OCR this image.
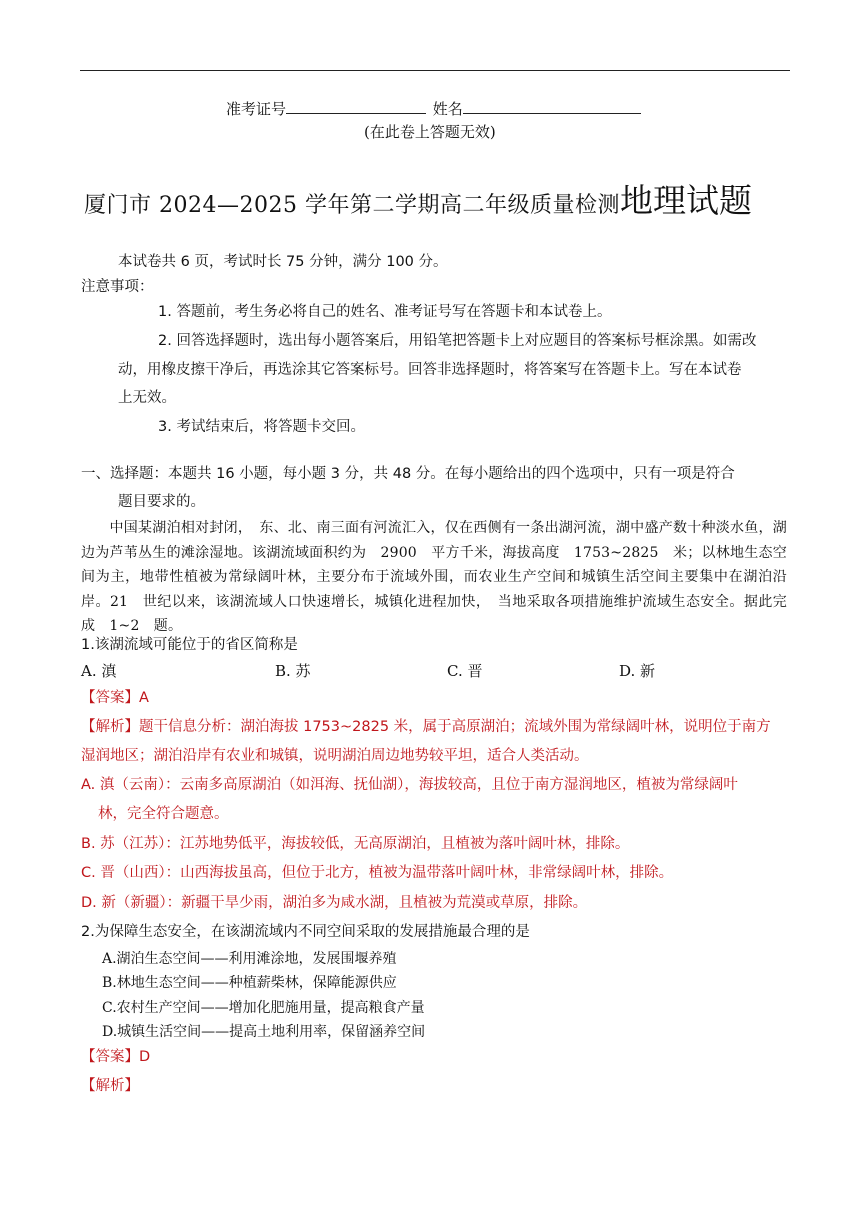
准考证号	姓名
(在此卷上答题无效)
厦门市 2024—2025 学年第二学期高二年级质量检测地理试题
本试卷共 6 页，考试时长 75 分钟，满分 100 分。
注意事项：
1. 答题前，考生务必将自己的姓名、准考证号写在答题卡和本试卷上。
2. 回答选择题时，选出每小题答案后，用铅笔把答题卡上对应题目的答案标号框涂黑。如需改
动，用橡皮擦干净后，再选涂其它答案标号。回答非选择题时，将答案写在答题卡上。写在本试卷
上无效。
3. 考试结束后，将答题卡交回。
一、选择题：本题共 16 小题，每小题 3 分，共 48 分。在每小题给出的四个选项中，只有一项是符合
题目要求的。
　　中国某湖泊相对封闭，　东、北、南三面有河流汇入，仅在西侧有一条出湖河流，湖中盛产数十种淡水鱼，湖边为芦苇丛生的滩涂湿地。该湖流域面积约为　2900　平方千米，海拔高度　1753~2825　米；以林地生态空间为主，地带性植被为常绿阔叶林，主要分布于流域外围，而农业生产空间和城镇生活空间主要集中在湖泊沿岸。21　世纪以来，该湖流域人口快速增长，城镇化进程加快，　当地采取各项措施维护流域生态安全。据此完成　1~2　题。
1.该湖流域可能位于的省区简称是
A. 滇	B. 苏	C. 晋	D. 新
【答案】A
【解析】题干信息分析：湖泊海拔 1753~2825 米，属于高原湖泊；流域外围为常绿阔叶林，说明位于南方
湿润地区；湖泊沿岸有农业和城镇，说明湖泊周边地势较平坦，适合人类活动。
A. 滇（云南）：云南多高原湖泊（如洱海、抚仙湖），海拔较高，且位于南方湿润地区，植被为常绿阔叶
林，完全符合题意。
B. 苏（江苏）：江苏地势低平，海拔较低，无高原湖泊，且植被为落叶阔叶林，排除。
C. 晋（山西）：山西海拔虽高，但位于北方，植被为温带落叶阔叶林，非常绿阔叶林，排除。
D. 新（新疆）：新疆干旱少雨，湖泊多为咸水湖，且植被为荒漠或草原，排除。
2.为保障生态安全，在该湖流域内不同空间采取的发展措施最合理的是
A.湖泊生态空间——利用滩涂地，发展围堰养殖
B.林地生态空间——种植薪柴林，保障能源供应
C.农村生产空间——增加化肥施用量，提高粮食产量
D.城镇生活空间——提高土地利用率，保留涵养空间
【答案】D
【解析】
